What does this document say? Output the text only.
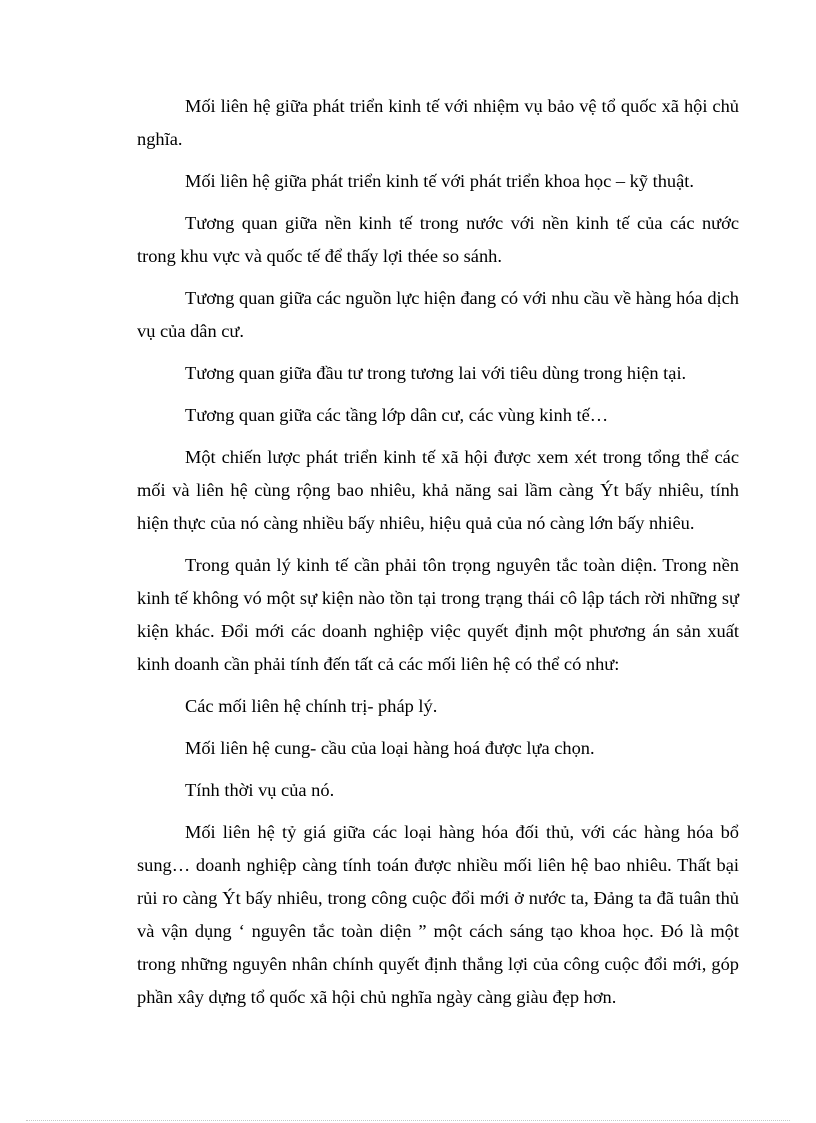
Mối liên hệ giữa phát triển kinh tế với nhiệm vụ bảo vệ tổ quốc xã hội chủ nghĩa.

Mối liên hệ giữa phát triển kinh tế với phát triển khoa học – kỹ thuật.

Tương quan giữa nền kinh tế trong nước với nền kinh tế của các nước trong khu vực và quốc tế để thấy lợi thée so sánh.

Tương quan giữa các nguồn lực hiện đang có với nhu cầu về hàng hóa dịch vụ của dân cư.

Tương quan giữa đầu tư trong tương lai với tiêu dùng trong hiện tại.

Tương quan giữa các tầng lớp dân cư, các vùng kinh tế…

Một chiến lược phát triển kinh tế xã hội được xem xét trong tổng thể các mối và liên hệ cùng rộng bao nhiêu, khả năng sai lầm càng Ýt bấy nhiêu, tính hiện thực của nó càng nhiều bấy nhiêu, hiệu quả của nó càng lớn bấy nhiêu.

Trong quản lý kinh tế cần phải tôn trọng nguyên tắc toàn diện. Trong nền kinh tế không vó một sự kiện nào tồn tại trong trạng thái cô lập tách rời những sự kiện khác. Đổi mới các doanh nghiệp việc quyết định một phương án sản xuất kinh doanh cần phải tính đến tất cả các mối liên hệ có thể có như:

Các mối liên hệ chính trị- pháp lý.

Mối liên hệ cung- cầu của loại hàng hoá được lựa chọn.

Tính thời vụ của nó.

Mối liên hệ tỷ giá giữa các loại hàng hóa đối thủ, với các hàng hóa bổ sung… doanh nghiệp càng tính toán được nhiều mối liên hệ bao nhiêu. Thất bại rủi ro càng Ýt bấy nhiêu, trong công cuộc đổi mới ở nước ta, Đảng ta đã tuân thủ và vận dụng ‘ nguyên tắc toàn diện ” một cách sáng tạo khoa học. Đó là một trong những nguyên nhân chính quyết định thắng lợi của công cuộc đổi mới, góp phần xây dựng tổ quốc xã hội chủ nghĩa ngày càng giàu đẹp hơn.
